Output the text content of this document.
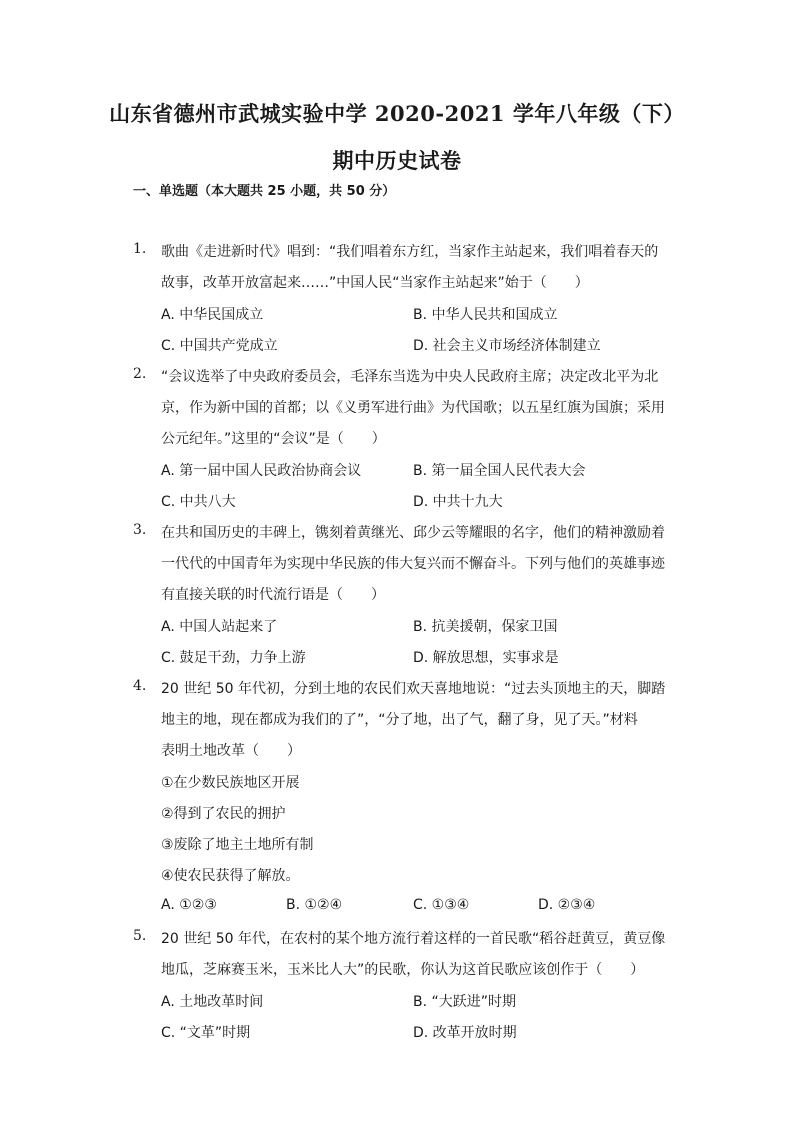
山东省德州市武城实验中学 2020-2021 学年八年级（下）
期中历史试卷
一、单选题（本大题共 25 小题，共 50 分）
1. 歌曲《走进新时代》唱到：“我们唱着东方红，当家作主站起来，我们唱着春天的
故事，改革开放富起来……”中国人民“当家作主站起来”始于（　　）
A. 中华民国成立	B. 中华人民共和国成立
C. 中国共产党成立	D. 社会主义市场经济体制建立
2. “会议选举了中央政府委员会，毛泽东当选为中央人民政府主席；决定改北平为北
京，作为新中国的首都；以《义勇军进行曲》为代国歌；以五星红旗为国旗；采用
公元纪年。”这里的“会议”是（　　）
A. 第一届中国人民政治协商会议	B. 第一届全国人民代表大会
C. 中共八大	D. 中共十九大
3. 在共和国历史的丰碑上，镌刻着黄继光、邱少云等耀眼的名字，他们的精神激励着
一代代的中国青年为实现中华民族的伟大复兴而不懈奋斗。下列与他们的英雄事迹
有直接关联的时代流行语是（　　）
A. 中国人站起来了	B. 抗美援朝，保家卫国
C. 鼓足干劲，力争上游	D. 解放思想，实事求是
4. 20 世纪 50 年代初，分到土地的农民们欢天喜地地说：“过去头顶地主的天，脚踏
地主的地，现在都成为我们的了”，“分了地，出了气，翻了身，见了天。”材料
表明土地改革（　　）
①在少数民族地区开展
②得到了农民的拥护
③废除了地主土地所有制
④使农民获得了解放。
A. ①②③	B. ①②④	C. ①③④	D. ②③④
5. 20 世纪 50 年代，在农村的某个地方流行着这样的一首民歌“稻谷赶黄豆，黄豆像
地瓜，芝麻赛玉米，玉米比人大”的民歌，你认为这首民歌应该创作于（　　）
A. 土地改革时间	B. “大跃进”时期
C. “文革”时期	D. 改革开放时期
